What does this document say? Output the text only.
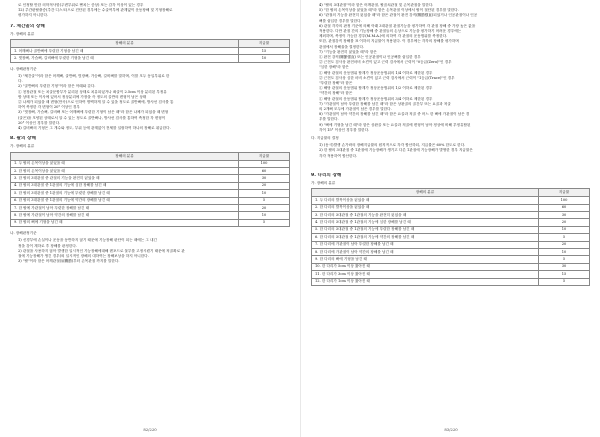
로 인정할 만한 의학적사항(주변부위로 뻗치는 증상) 또는 감각 이상이 있는 경우
12) 추간판탈출증(추간 디스크)으로 진단된 경우에는 수술여부에 관계없이 운동장해 및 기형장해로
평가하지 아니한다.
7. 체간골의 장해
가. 장해의 분류
장해의 분류	지급률
1. 어깨뼈나 골반뼈에 뚜렷한 기형을 남긴 때	15
2. 빗장뼈, 가슴뼈, 갈비뼈에 뚜렷한 기형을 남긴 때	10
나. 장해판정기준
1) "체간골"이라 함은 어깨뼈, 골반뼈, 빗장뼈, 가슴뼈, 갈비뼈를 말하며, 이를 모두 동일부위로 한
다.
2) "골반뼈의 뚜렷한 기형"이라 함은 아래와 같다.
① 천장관절 또는 치골문합부가 분리된 상태로 치유되었거나 좌골이 2.5cm 이상 분리된 부정유
합 상태 또는 이사에 있어서 정상분리에 가장을 즉 정도의 골반의 변형이 남은 상태
② 나체가 되었을 때 변형(만곡)으로 인하여 명백하게 알 수 있을 정도로 골반뼈에, 방사선 검사를 통
하여 측정한 각 변형이 20° 이상인 경우
3) "빗장뼈, 가슴뼈, 갈비뼈 또는 어깨뼈에 뚜렷한 기형이 남은 때"라 함은 나체가 되었을 때 변형
(골은)을 모양된 상태로서 알 수 있는 정도로 골반뼈나, 방사선 검사를 통하여 측정한 각 변형이
20° 이상인 경우를 말한다.
4) 갈비뼈의 기형은 그 개수와 정도, 부위 등에 관계없이 전체를 일괄하여 하나의 장해로 취급한다.
8. 팔의 장해
가. 장해의 분류
장해의 분류	지급률
1. 두 팔의 손목이상을 잃었을 때	100
2. 한 팔의 손목이상을 잃었을 때	60
3. 한 팔의 3대관절 중 관절의 기능을 완전히 잃었을 때	30
4. 한 팔의 3대관절 중 1관절의 기능에 심한 장해를 남긴 때	20
5. 한 팔의 3대관절 중 1관절의 기능에 뚜렷한 장해를 남긴 때	10
6. 한 팔의 3대관절 중 1관절의 기능에 약간의 장해를 남긴 때	5
7. 한 팔에 가관절이 남아 뚜렷한 장해를 남긴 때	20
8. 한 팔에 가관절이 남아 약간의 장해를 남긴 때	10
9. 한 팔의 뼈에 기형을 남긴 때	5
나. 장해판정기준
1) 신경부에 손실이나 운동을 동반하지 않기 때문에 기능장해 판단이 되는 때에는 그 내긴
정을 강이 계하로 후 장해를 판정한다.
2) 관절을 사용하지 않아 발생한 일시적인 기능장해에대해 렌포드로 물부를 고정시켰기 때문에 척골확로 관
절에 기능장해가 생긴 경우(외 일시적인 장해의 대하여는 장해보상을 하지 아니한다.
3) "팔"이라 함은 어깨관절(肩關節)부터 손목관절 까지를 말한다.
82/220
4) "팔의 3대관절"이라 함은 어깨관절, 팔꿈치관절 및 손목관절을 말한다.
5) "한 팔의 손목이상을 잃었을 때"라 함은 손목관절 이상에서 팔이 절단된 경우를 말한다.
6) "관절의 기능을 완전히 잃었을 때"라 함은 관절이 완전 강직(關節强直)되었거나 인공관절이나 인공
뼈를 삽입한 경우를 말한다.
6) 관절 각각의 판정 기준에 의해 아래 3대관절 관절기능을 평가하여 각 관절 장해 중 가장 높은 값을
적용한다. 다만 관절 간의 기능장해 중 관절들의 손상으로 기능을 평가하기 어려운 경우에는
제외하며, 측정이 가능한 경우(M.M.A.)에 의하여 각 관절의 운동범위를 측정한다.
또한, 관절강직 장해를 표 이하의 지급률이 적용된다. 이 경우에는 각각의 장해를 평가하며
관절에서 장해율을 결정한다.
7) "기능을 완전히 잃었을 때"라 함은
① 완전 강직(關節强直) 또는 인공관절이나 인공뼈를 삽입한 경우
② 근전도 검사상 완전마비 소견이 있고 근력 검사에서 근력이 "0등급(Zero)"인 경우
"심한 장해"라 함은
① 해당 관절의 운동범위 합계가 정상운동범위의 1/4 이하로 제한된 경우
② 근전도 검사상 심한 마비 소견이 있고 근력 검사에서 근력이 "1등급(Trace)"인 경우
"뚜렷한 장해"라 함은
① 해당 관절의 운동범위 합계가 정상운동범위의 1/2 이하로 제한된 경우
"약간의 장해"라 함은
① 해당 관절의 운동범위 합계가 정상운동범위의 3/4 이하로 제한된 경우
7) "가관절이 남아 뚜렷한 장해를 남긴 때"라 함은 상완골의 골간부 또는 요골과 척골
의 2개뼈 모두에 가관절이 남은 경우를 말한다.
8) "가관절이 남아 약간의 장해를 남긴 때"라 함은 요골과 척골 중 어느 한 뼈에 가관절이 남은 경
우를 말한다.
9) "뼈에 기형을 남긴 때"라 함은 상완골 또는 요골과 척골에 변형이 남아 정상에 비해 부정유합된
각이 15° 이상인 경우를 말한다.
다. 지급률의 결정
1) (동시)발생 손가락의 장해지급률의 원칙적으로 각각 합산하되, 지급률은 60% 한도로 한다.
2) 한 팔의 3대관절 중 1관절에 기능장해가 생기고 다른 1관절에 기능장해가 발생한 경우 지급률은
각각 적용하여 합산한다.
9. 다리의 장해
가. 장해의 분류
장해의 분류	지급률
1. 두 다리의 발목이상을 잃었을 때	100
2. 한 다리의 발목이상을 잃었을 때	60
3. 한 다리의 3대관절 중 1관절의 기능을 완전히 잃었을 때	30
4. 한 다리의 3대관절 중 1관절의 기능에 심한 장해를 남긴 때	20
5. 한 다리의 3대관절 중 1관절의 기능에 뚜렷한 장해를 남긴 때	10
6. 한 다리의 3대관절 중 1관절의 기능에 약간의 장해를 남긴 때	5
7. 한 다리에 가관절이 남아 뚜렷한 장해를 남긴 때	20
8. 한 다리에 가관절이 남아 약간의 장해를 남긴 때	10
9. 한 다리의 뼈에 기형을 남긴 때	5
10. 한 다리가 5cm 이상 짧아진 때	30
11. 한 다리가 3cm 이상 짧아진 때	15
12. 한 다리가 1cm 이상 짧아진 때	5
83/220
